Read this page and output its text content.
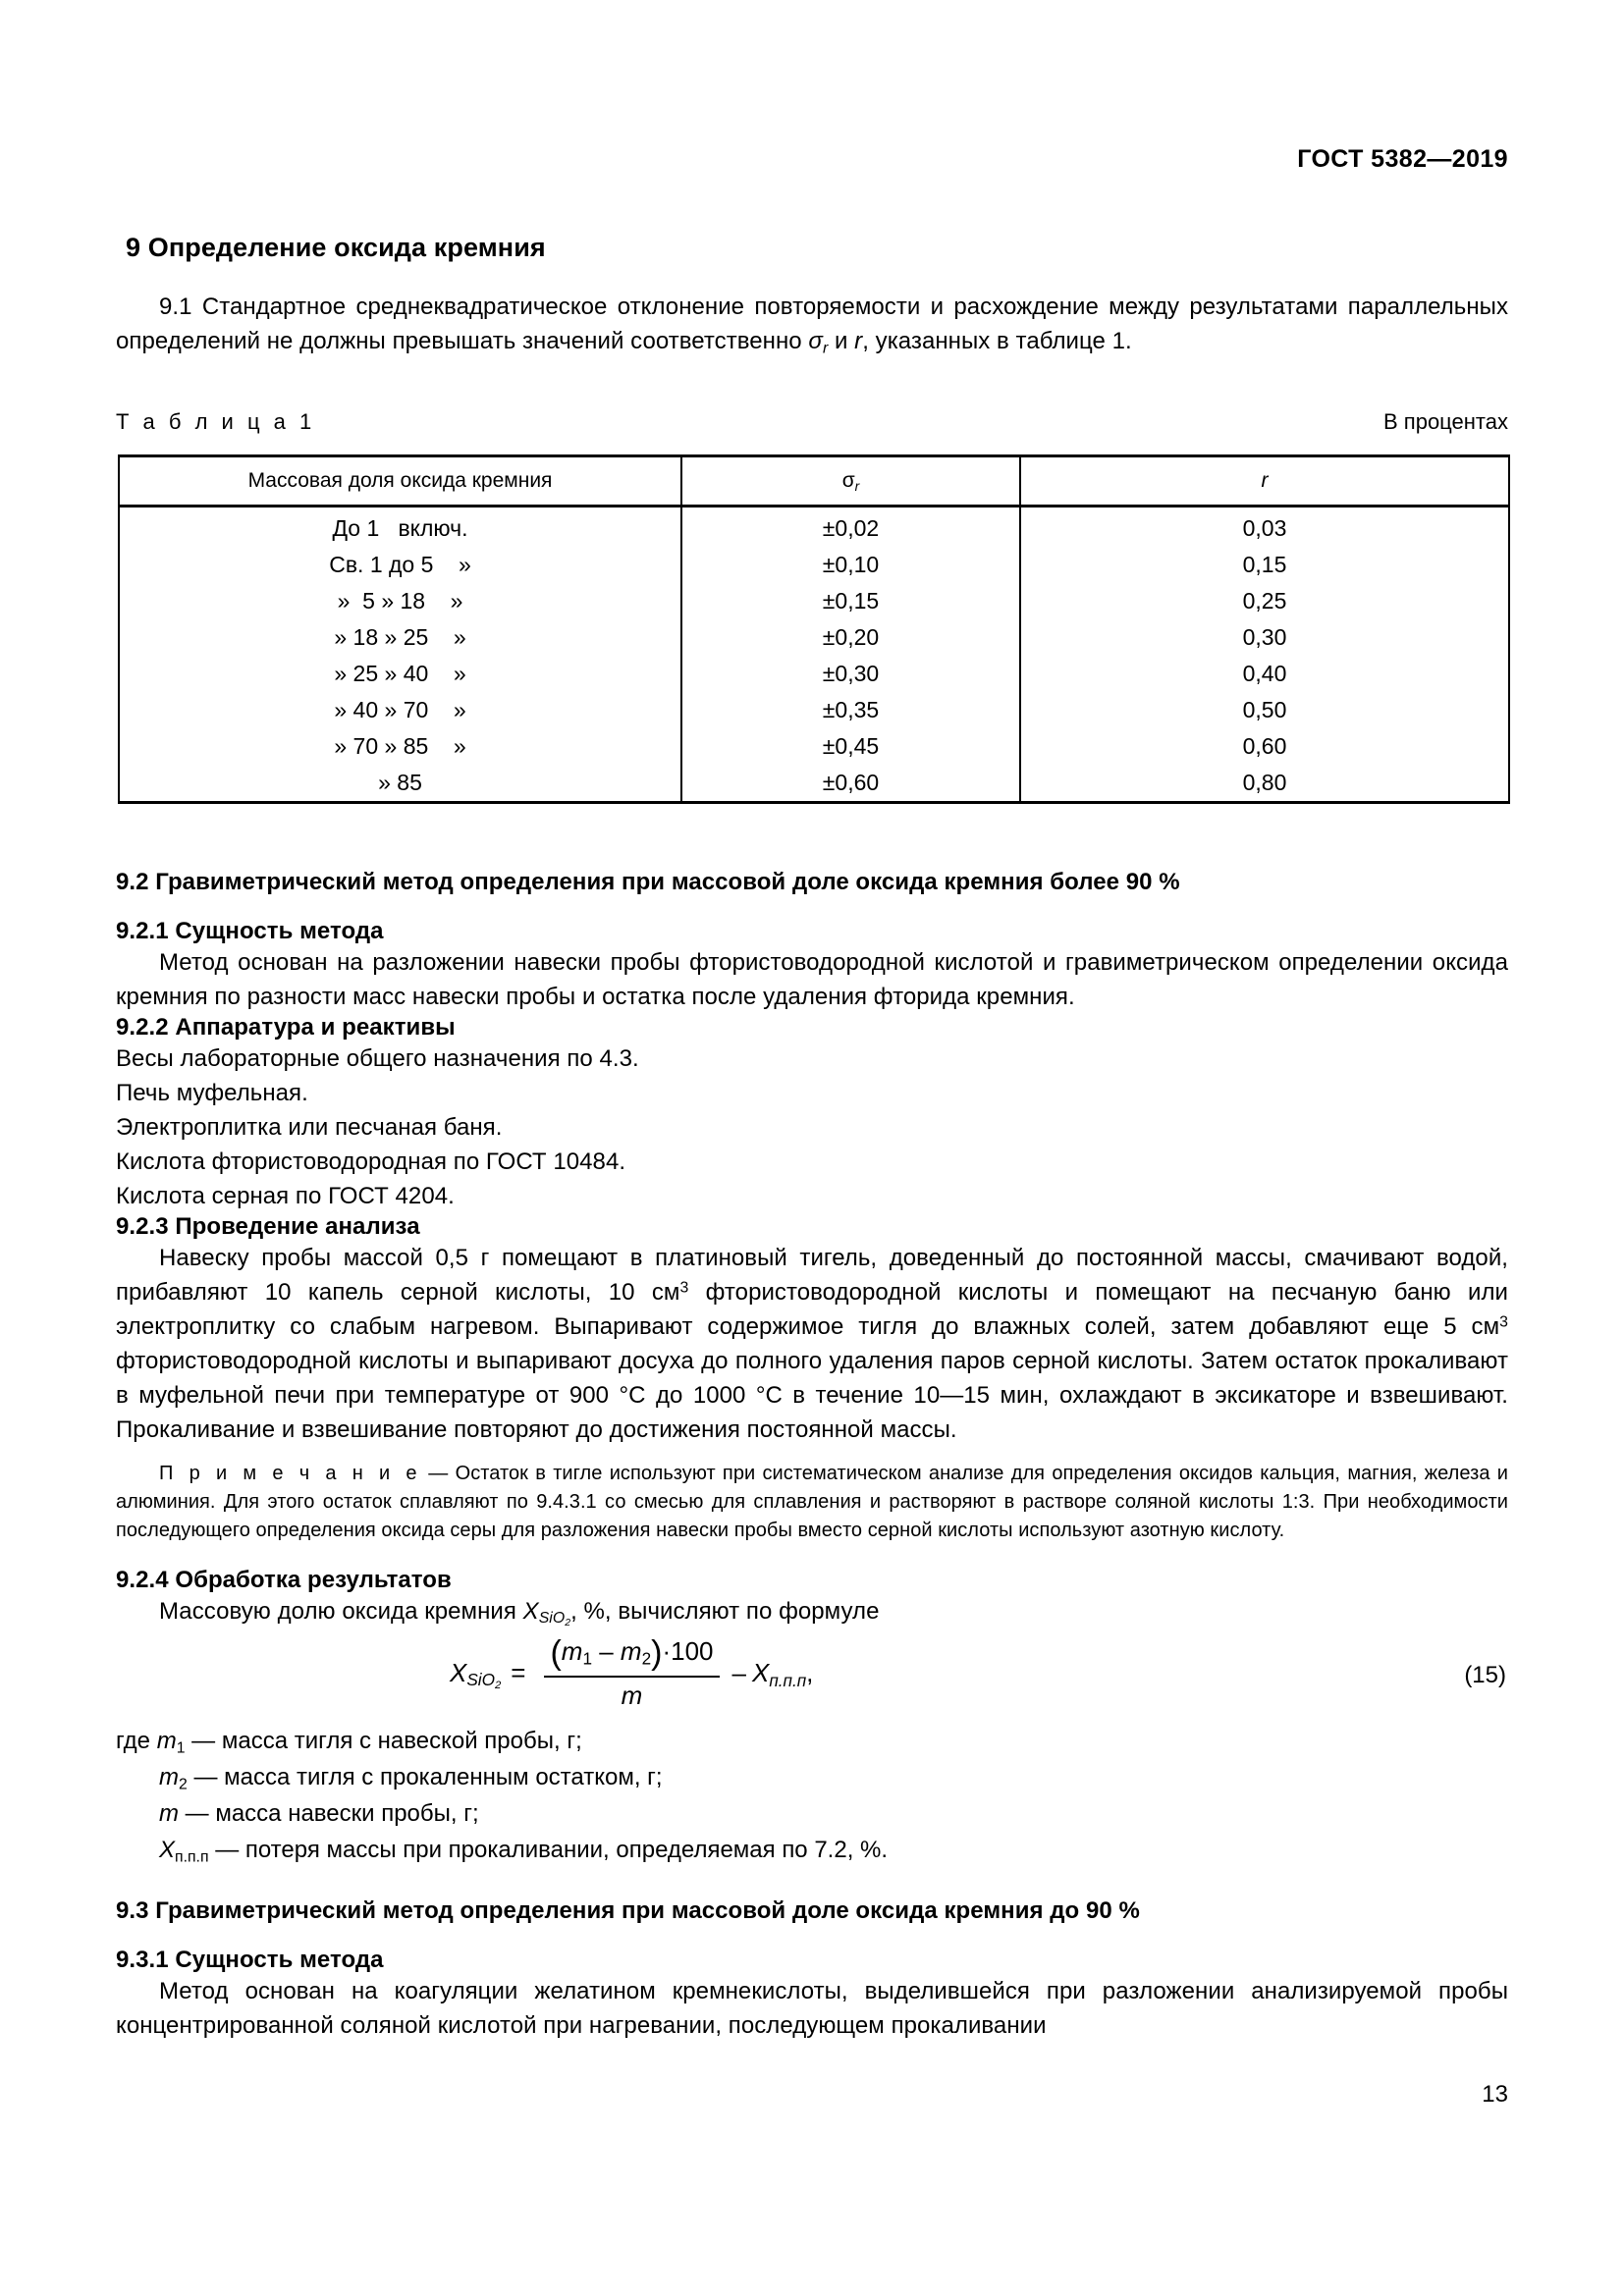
ГОСТ 5382—2019
9 Определение оксида кремния

9.1 Стандартное среднеквадратическое отклонение повторяемости и расхождение между результатами параллельных определений не должны превышать значений соответственно $\sigma_r$ и r, указанных в таблице 1.

Т а б л и ц а 1	В процентах
Массовая доля оксида кремния	$\sigma_r$	r
До 1   включ.	±0,02	0,03
Св. 1 до 5    »	±0,10	0,15
»  5 » 18    »	±0,15	0,25
» 18 » 25    »	±0,20	0,30
» 25 » 40    »	±0,30	0,40
» 40 » 70    »	±0,35	0,50
» 70 » 85    »	±0,45	0,60
» 85	±0,60	0,80

9.2 Гравиметрический метод определения при массовой доле оксида кремния более 90 %

9.2.1 Сущность метода

Метод основан на разложении навески пробы фтористоводородной кислотой и гравиметрическом определении оксида кремния по разности масс навески пробы и остатка после удаления фторида кремния.

9.2.2 Аппаратура и реактивы

Весы лабораторные общего назначения по 4.3.

Печь муфельная.

Электроплитка или песчаная баня.

Кислота фтористоводородная по ГОСТ 10484.

Кислота серная по ГОСТ 4204.

9.2.3 Проведение анализа

Навеску пробы массой 0,5 г помещают в платиновый тигель, доведенный до постоянной массы, смачивают водой, прибавляют 10 капель серной кислоты, 10 $см^3$ фтористоводородной кислоты и помещают на песчаную баню или электроплитку со слабым нагревом. Выпаривают содержимое тигля до влажных солей, затем добавляют еще 5 $см^3$ фтористоводородной кислоты и выпаривают досуха до полного удаления паров серной кислоты. Затем остаток прокаливают в муфельной печи при температуре от 900 °C до 1000 °C в течение 10—15 мин, охлаждают в эксикаторе и взвешивают. Прокаливание и взвешивание повторяют до достижения постоянной массы.

П р и м е ч а н и е — Остаток в тигле используют при систематическом анализе для определения оксидов кальция, магния, железа и алюминия. Для этого остаток сплавляют по 9.4.3.1 со смесью для сплавления и растворяют в растворе соляной кислоты 1:3. При необходимости последующего определения оксида серы для разложения навески пробы вместо серной кислоты используют азотную кислоту.

9.2.4 Обработка результатов

Массовую долю оксида кремния $X_{SiO_2}$, %, вычисляют по формуле

$X_{SiO_2} = \frac{(m_1 - m_2)\cdot 100}{m} - X_{п.п.п}$ ,	(15)

где $m_1$ — масса тигля с навеской пробы, г;

$m_2$ — масса тигля с прокаленным остатком, г;

m — масса навески пробы, г;

$X_{п.п.п}$ — потеря массы при прокаливании, определяемая по 7.2, %.

9.3 Гравиметрический метод определения при массовой доле оксида кремния до 90 %

9.3.1 Сущность метода

Метод основан на коагуляции желатином кремнекислоты, выделившейся при разложении анализируемой пробы концентрированной соляной кислотой при нагревании, последующем прокаливании

13
